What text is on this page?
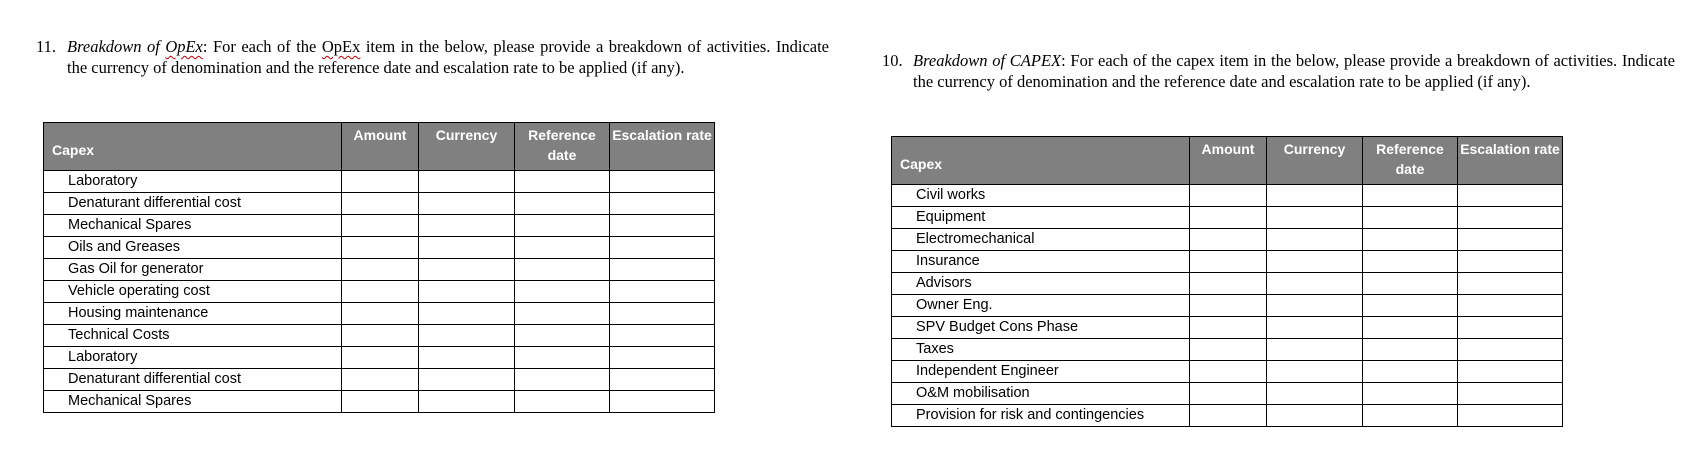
11. Breakdown of OpEx: For each of the OpEx item in the below, please provide a breakdown of activities. Indicate the currency of denomination and the reference date and escalation rate to be applied (if any).

Capex	Amount	Currency	Reference date	Escalation rate

Laboratory				
Denaturant differential cost				
Mechanical Spares				
Oils and Greases				
Gas Oil for generator				
Vehicle operating cost				
Housing maintenance				
Technical Costs				
Laboratory				
Denaturant differential cost				
Mechanical Spares				

10. Breakdown of CAPEX: For each of the capex item in the below, please provide a breakdown of activities. Indicate the currency of denomination and the reference date and escalation rate to be applied (if any).

Capex	Amount	Currency	Reference date	Escalation rate

Civil works				
Equipment				
Electromechanical				
Insurance				
Advisors				
Owner Eng.				
SPV Budget Cons Phase				
Taxes				
Independent Engineer				
O&M mobilisation				
Provision for risk and contingencies				
